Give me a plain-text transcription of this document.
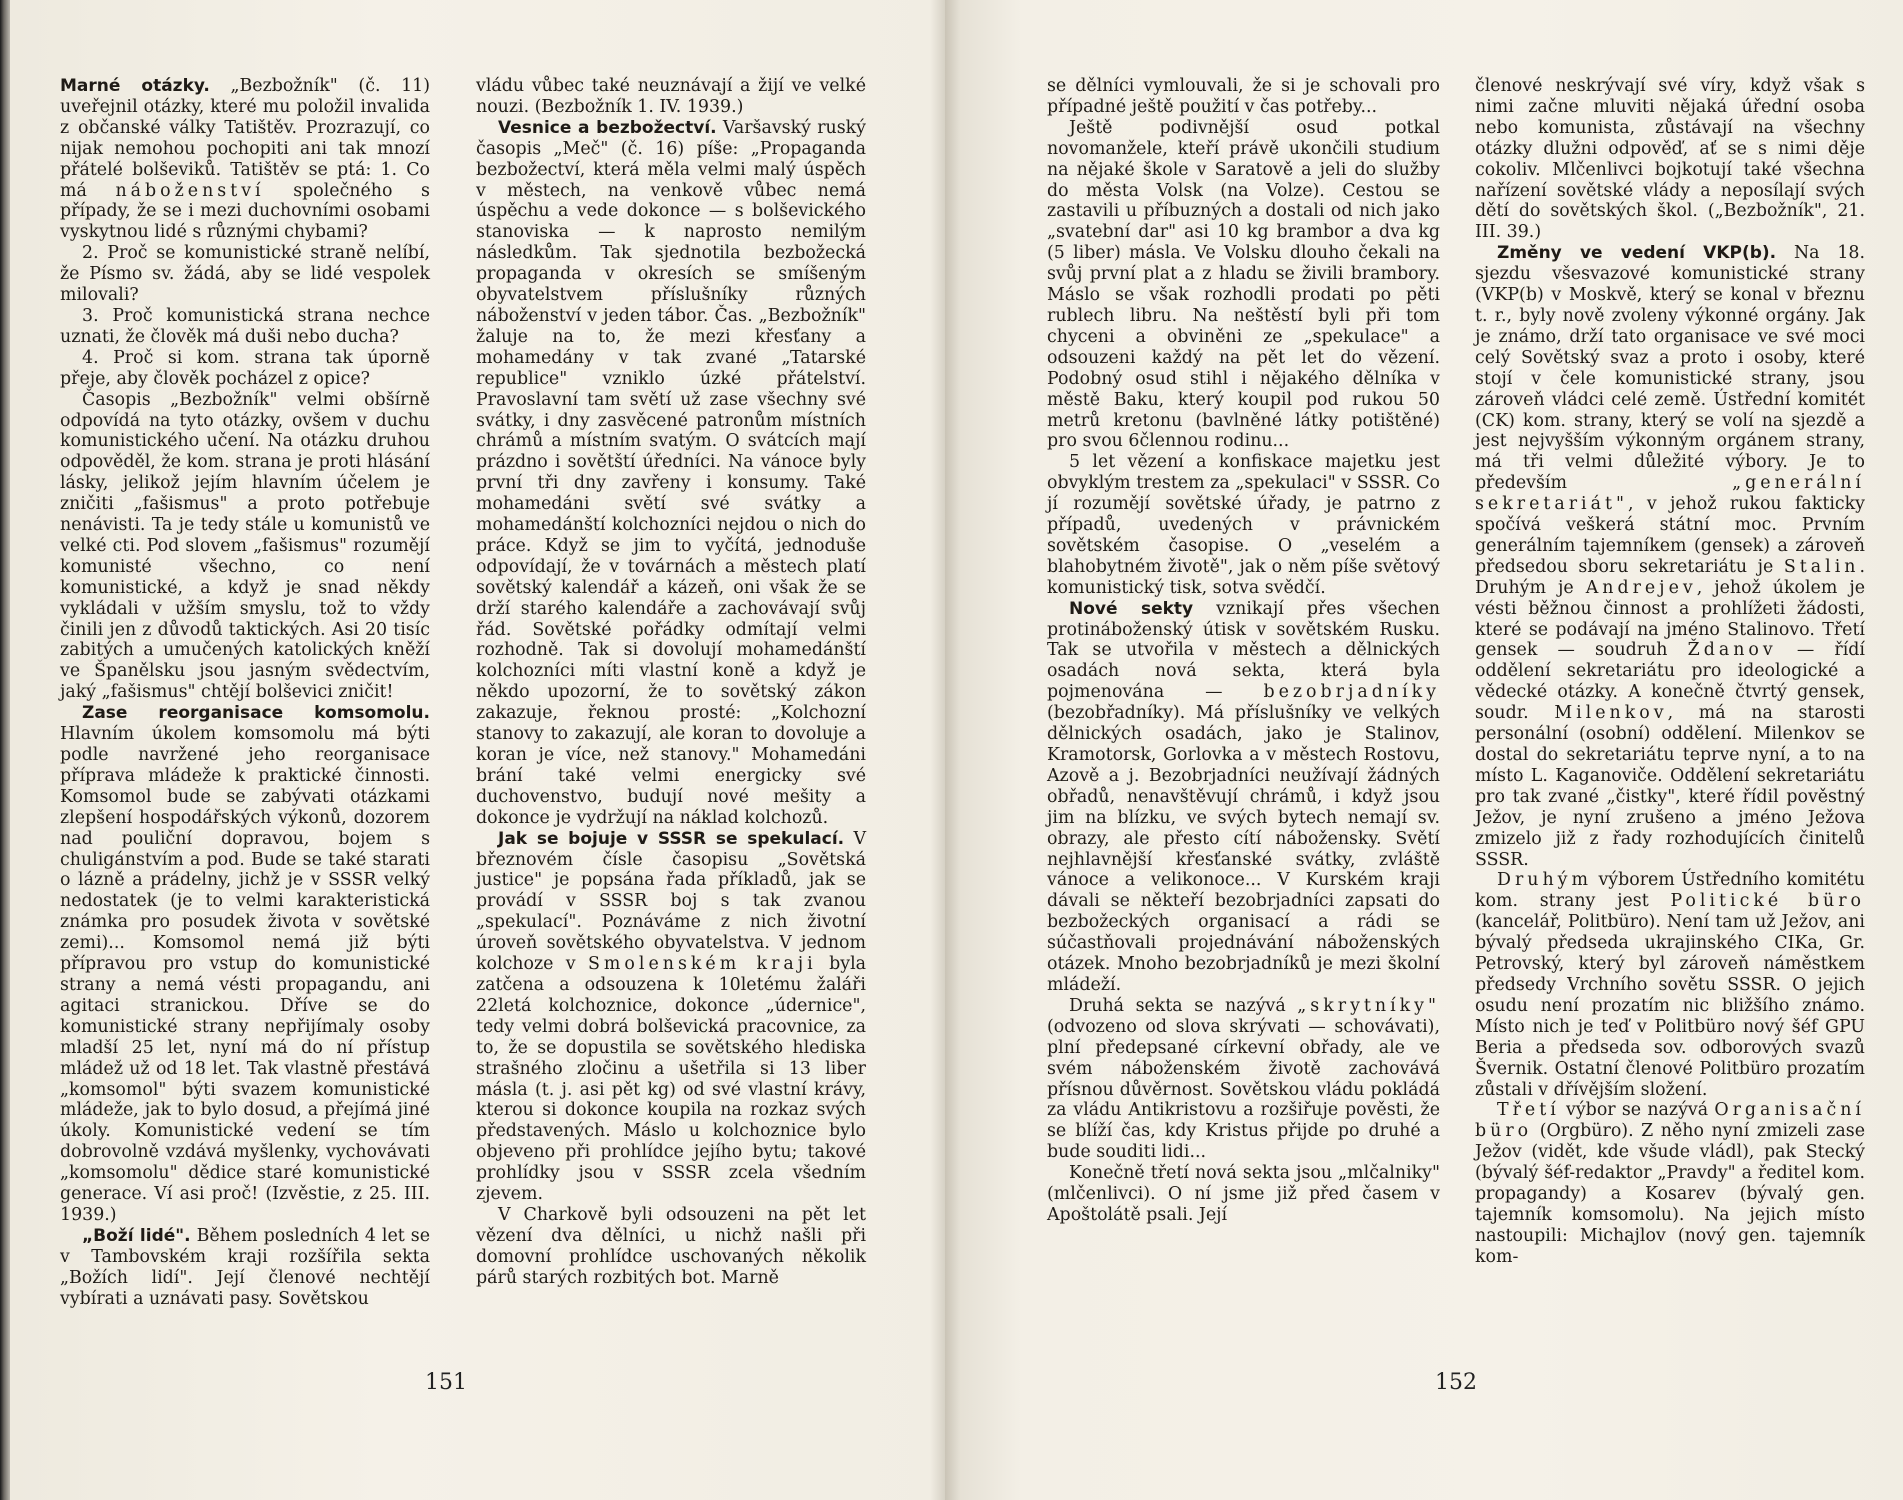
Marné otázky. „Bezbožník" (č. 11) uveřejnil otázky, které mu položil invalida z občanské války Tatištěv. Prozrazují, co nijak nemohou pochopiti ani tak mnozí přátelé bolševiků. Tatištěv se ptá: 1. Co má náboženství společného s případy, že se i mezi duchovními osobami vyskytnou lidé s různými chybami?

2. Proč se komunistické straně nelíbí, že Písmo sv. žádá, aby se lidé vespolek milovali?

3. Proč komunistická strana nechce uznati, že člověk má duši nebo ducha?

4. Proč si kom. strana tak úporně přeje, aby člověk pocházel z opice?

Časopis „Bezbožník" velmi obšírně odpovídá na tyto otázky, ovšem v duchu komunistického učení. Na otázku druhou odpověděl, že kom. strana je proti hlásání lásky, jelikož jejím hlavním účelem je zničiti „fašismus" a proto potřebuje nenávisti. Ta je tedy stále u komunistů ve velké cti. Pod slovem „fašismus" rozumějí komunisté všechno, co není komunistické, a když je snad někdy vykládali v užším smyslu, tož to vždy činili jen z důvodů taktických. Asi 20 tisíc zabitých a umučených katolických kněží ve Španělsku jsou jasným svědectvím, jaký „fašismus" chtějí bolševici zničit!

Zase reorganisace komsomolu. Hlavním úkolem komsomolu má býti podle navržené jeho reorganisace příprava mládeže k praktické činnosti. Komsomol bude se zabývati otázkami zlepšení hospodářských výkonů, dozorem nad pouliční dopravou, bojem s chuligánstvím a pod. Bude se také starati o lázně a prádelny, jichž je v SSSR velký nedostatek (je to velmi karakteristická známka pro posudek života v sovětské zemi)... Komsomol nemá již býti přípravou pro vstup do komunistické strany a nemá vésti propagandu, ani agitaci stranickou. Dříve se do komunistické strany nepřijímaly osoby mladší 25 let, nyní má do ní přístup mládež už od 18 let. Tak vlastně přestává „komsomol" býti svazem komunistické mládeže, jak to bylo dosud, a přejímá jiné úkoly. Komunistické vedení se tím dobrovolně vzdává myšlenky, vychovávati „komsomolu" dědice staré komunistické generace. Ví asi proč! (Izvěstie, z 25. III. 1939.)

„Boží lidé". Během posledních 4 let se v Tambovském kraji rozšířila sekta „Božích lidí". Její členové nechtějí vybírati a uznávati pasy. Sovětskou

vládu vůbec také neuznávají a žijí ve velké nouzi. (Bezbožník 1. IV. 1939.)

Vesnice a bezbožectví. Varšavský ruský časopis „Meč" (č. 16) píše: „Propaganda bezbožectví, která měla velmi malý úspěch v městech, na venkově vůbec nemá úspěchu a vede dokonce — s bolševického stanoviska — k naprosto nemilým následkům. Tak sjednotila bezbožecká propaganda v okresích se smíšeným obyvatelstvem příslušníky různých náboženství v jeden tábor. Čas. „Bezbožník" žaluje na to, že mezi křesťany a mohamedány v tak zvané „Tatarské republice" vzniklo úzké přátelství. Pravoslavní tam světí už zase všechny své svátky, i dny zasvěcené patronům místních chrámů a místním svatým. O svátcích mají prázdno i sovětští úředníci. Na vánoce byly první tři dny zavřeny i konsumy. Také mohamedáni světí své svátky a mohamedánští kolchozníci nejdou o nich do práce. Když se jim to vyčítá, jednoduše odpovídají, že v továrnách a městech platí sovětský kalendář a kázeň, oni však že se drží starého kalendáře a zachovávají svůj řád. Sovětské pořádky odmítají velmi rozhodně. Tak si dovolují mohamedánští kolchozníci míti vlastní koně a když je někdo upozorní, že to sovětský zákon zakazuje, řeknou prosté: „Kolchozní stanovy to zakazují, ale koran to dovoluje a koran je více, než stanovy." Mohamedáni brání také velmi energicky své duchovenstvo, budují nové mešity a dokonce je vydržují na náklad kolchozů.

Jak se bojuje v SSSR se spekulací. V březnovém čísle časopisu „Sovětská justice" je popsána řada příkladů, jak se provádí v SSSR boj s tak zvanou „spekulací". Poznáváme z nich životní úroveň sovětského obyvatelstva. V jednom kolchoze v Smolenském kraji byla zatčena a odsouzena k 10letému žaláři 22letá kolchoznice, dokonce „údernice", tedy velmi dobrá bolševická pracovnice, za to, že se dopustila se sovětského hlediska strašného zločinu a ušetřila si 13 liber másla (t. j. asi pět kg) od své vlastní krávy, kterou si dokonce koupila na rozkaz svých představených. Máslo u kolchoznice bylo objeveno při prohlídce jejího bytu; takové prohlídky jsou v SSSR zcela všedním zjevem.

V Charkově byli odsouzeni na pět let vězení dva dělníci, u nichž našli při domovní prohlídce uschovaných několik párů starých rozbitých bot. Marně

151

se dělníci vymlouvali, že si je schovali pro případné ještě použití v čas potřeby...

Ještě podivnější osud potkal novomanžele, kteří právě ukončili studium na nějaké škole v Saratově a jeli do služby do města Volsk (na Volze). Cestou se zastavili u příbuzných a dostali od nich jako „svatební dar" asi 10 kg brambor a dva kg (5 liber) másla. Ve Volsku dlouho čekali na svůj první plat a z hladu se živili brambory. Máslo se však rozhodli prodati po pěti rublech libru. Na neštěstí byli při tom chyceni a obviněni ze „spekulace" a odsouzeni každý na pět let do vězení. Podobný osud stihl i nějakého dělníka v městě Baku, který koupil pod rukou 50 metrů kretonu (bavlněné látky potištěné) pro svou 6člennou rodinu...

5 let vězení a konfiskace majetku jest obvyklým trestem za „spekulaci" v SSSR. Co jí rozumějí sovětské úřady, je patrno z případů, uvedených v právnickém sovětském časopise. O „veselém a blahobytném životě", jak o něm píše světový komunistický tisk, sotva svědčí.

Nové sekty vznikají přes všechen protináboženský útisk v sovětském Rusku. Tak se utvořila v městech a dělnických osadách nová sekta, která byla pojmenována — bezobrjadníky (bezobřadníky). Má příslušníky ve velkých dělnických osadách, jako je Stalinov, Kramotorsk, Gorlovka a v městech Rostovu, Azově a j. Bezobrjadníci neužívají žádných obřadů, nenavštěvují chrámů, i když jsou jim na blízku, ve svých bytech nemají sv. obrazy, ale přesto cítí nábožensky. Světí nejhlavnější křesťanské svátky, zvláště vánoce a velikonoce... V Kurském kraji dávali se někteří bezobrjadníci zapsati do bezbožeckých organisací a rádi se súčastňovali projednávání náboženských otázek. Mnoho bezobrjadníků je mezi školní mládeží.

Druhá sekta se nazývá „skrytníky" (odvozeno od slova skrývati — schovávati), plní předepsané církevní obřady, ale ve svém náboženském životě zachovává přísnou důvěrnost. Sovětskou vládu pokládá za vládu Antikristovu a rozšiřuje pověsti, že se blíží čas, kdy Kristus přijde po druhé a bude souditi lidi...

Konečně třetí nová sekta jsou „mlčalniky" (mlčenlivci). O ní jsme již před časem v Apoštolátě psali. Její

členové neskrývají své víry, když však s nimi začne mluviti nějaká úřední osoba nebo komunista, zůstávají na všechny otázky dlužni odpověď, ať se s nimi děje cokoliv. Mlčenlivci bojkotují také všechna nařízení sovětské vlády a neposílají svých dětí do sovětských škol. („Bezbožník", 21. III. 39.)

Změny ve vedení VKP(b). Na 18. sjezdu všesvazové komunistické strany (VKP(b) v Moskvě, který se konal v březnu t. r., byly nově zvoleny výkonné orgány. Jak je známo, drží tato organisace ve své moci celý Sovětský svaz a proto i osoby, které stojí v čele komunistické strany, jsou zároveň vládci celé země. Ústřední komitét (CK) kom. strany, který se volí na sjezdě a jest nejvyšším výkonným orgánem strany, má tři velmi důležité výbory. Je to především	„generální sekretariát", v jehož rukou fakticky spočívá veškerá státní moc. Prvním generálním tajemníkem (gensek) a zároveň předsedou sboru sekretariátu je Stalin. Druhým je Andrejev, jehož úkolem je vésti běžnou činnost a prohlížeti žádosti, které se podávají na jméno Stalinovo. Třetí gensek — soudruh Ždanov — řídí oddělení sekretariátu pro ideologické a vědecké otázky. A konečně čtvrtý gensek, soudr. Milenkov, má na starosti personální (osobní) oddělení. Milenkov se dostal do sekretariátu teprve nyní, a to na místo L. Kaganoviče. Oddělení sekretariátu pro tak zvané „čistky", které řídil pověstný Ježov, je nyní zrušeno a jméno Ježova zmizelo již z řady rozhodujících činitelů SSSR.

Druhým výborem Ústředního komitétu kom. strany jest Politické büro (kancelář, Politbüro). Není tam už Ježov, ani bývalý předseda ukrajinského CIKa, Gr. Petrovský, který byl zároveň náměstkem předsedy Vrchního sovětu SSSR. O jejich osudu není prozatím nic bližšího známo. Místo nich je teď v Politbüro nový šéf GPU Beria a předseda sov. odborových svazů Švernik. Ostatní členové Politbüro prozatím zůstali v dřívějším složení.

Třetí výbor se nazývá Organisační büro (Orgbüro). Z něho nyní zmizeli zase Ježov (vidět, kde všude vládl), pak Stecký (bývalý šéf-redaktor „Pravdy" a ředitel kom. propagandy) a Kosarev (bývalý gen. tajemník komsomolu). Na jejich místo nastoupili: Michajlov (nový gen. tajemník kom-

152
